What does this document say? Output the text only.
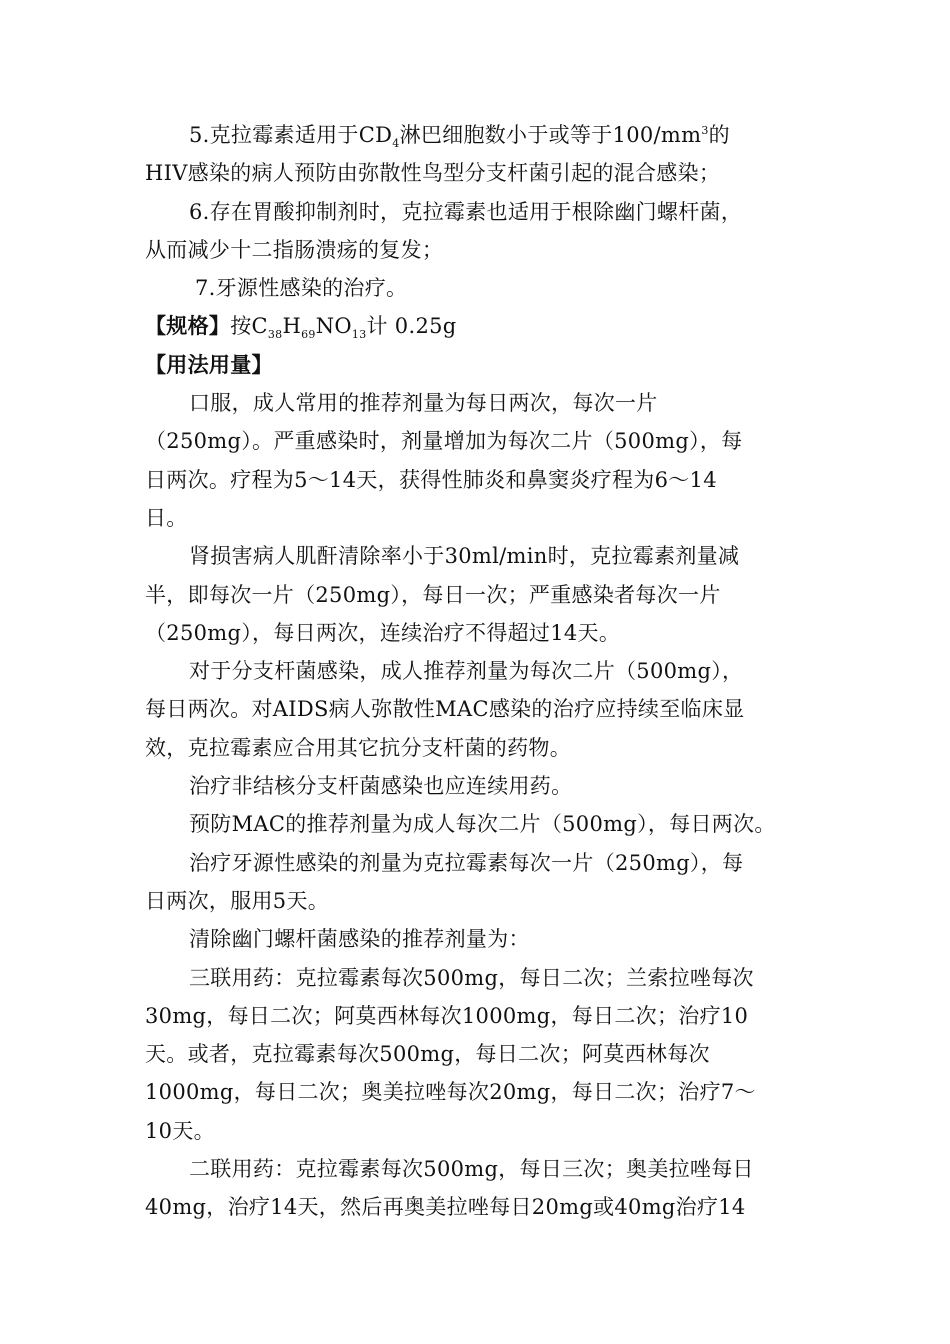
5.克拉霉素适用于$CD_4$淋巴细胞数小于或等于$100/mm^3$的
HIV感染的病人预防由弥散性鸟型分支杆菌引起的混合感染；
6.存在胃酸抑制剂时，克拉霉素也适用于根除幽门螺杆菌，
从而减少十二指肠溃疡的复发；
7.牙源性感染的治疗。
【规格】按$C_{38}H_{69}NO_{13}$计 0.25g
【用法用量】
口服，成人常用的推荐剂量为每日两次，每次一片
（250mg）。严重感染时，剂量增加为每次二片（500mg），每
日两次。疗程为5～14天，获得性肺炎和鼻窦炎疗程为6～14
日。
肾损害病人肌酐清除率小于30ml/min时，克拉霉素剂量减
半，即每次一片（250mg），每日一次；严重感染者每次一片
（250mg），每日两次，连续治疗不得超过14天。
对于分支杆菌感染，成人推荐剂量为每次二片（500mg），
每日两次。对AIDS病人弥散性MAC感染的治疗应持续至临床显
效，克拉霉素应合用其它抗分支杆菌的药物。
治疗非结核分支杆菌感染也应连续用药。
预防MAC的推荐剂量为成人每次二片（500mg），每日两次。
治疗牙源性感染的剂量为克拉霉素每次一片（250mg），每
日两次，服用5天。
清除幽门螺杆菌感染的推荐剂量为：
三联用药：克拉霉素每次500mg，每日二次；兰索拉唑每次
30mg，每日二次；阿莫西林每次1000mg，每日二次；治疗10
天。或者，克拉霉素每次500mg，每日二次；阿莫西林每次
1000mg，每日二次；奥美拉唑每次20mg，每日二次；治疗7～
10天。
二联用药：克拉霉素每次500mg，每日三次；奥美拉唑每日
40mg，治疗14天，然后再奥美拉唑每日20mg或40mg治疗14
